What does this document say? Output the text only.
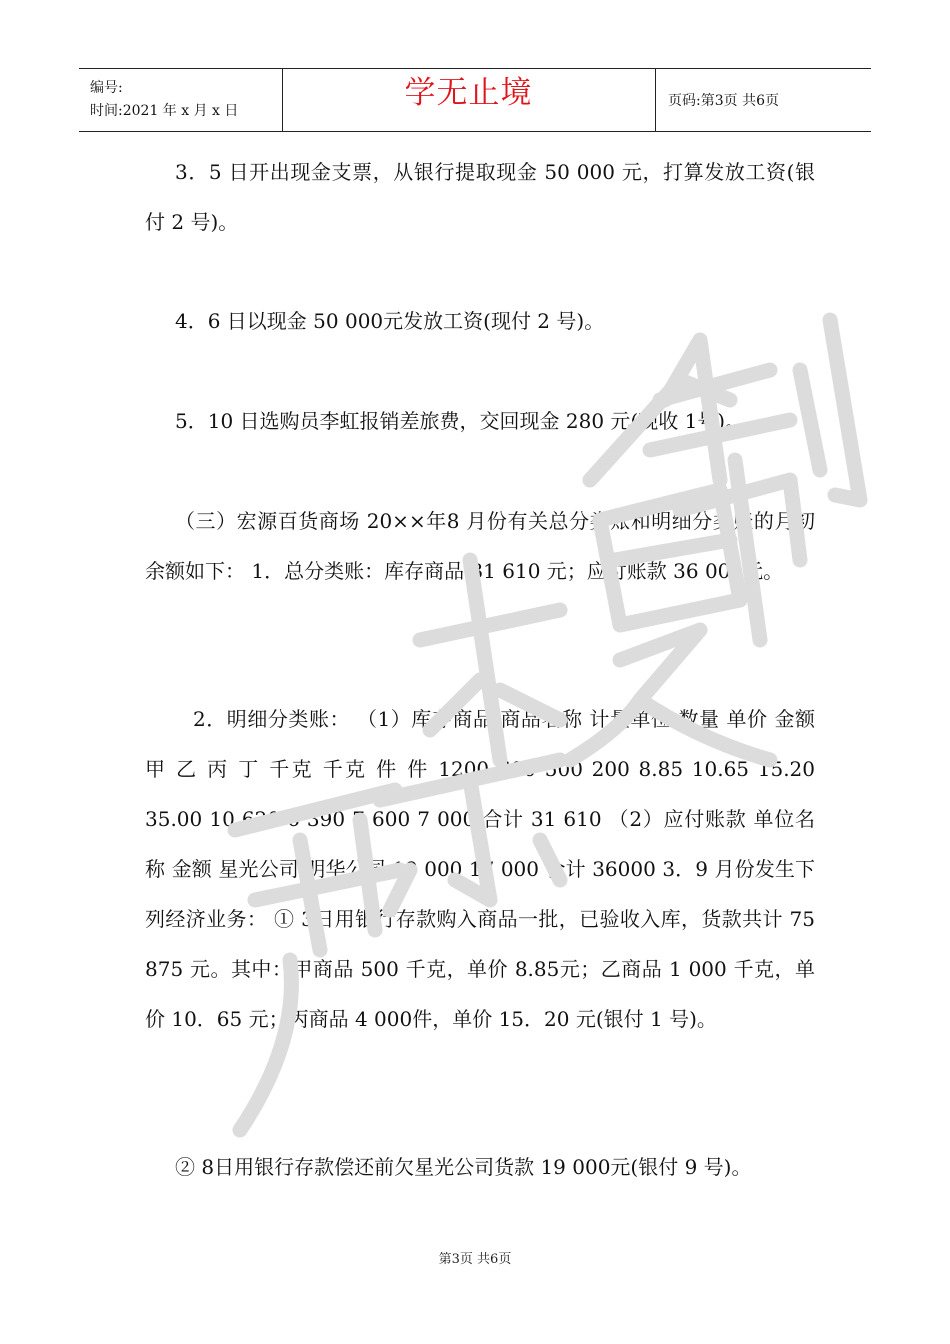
编号:
时间:2021 年 x 月 x 日	学无止境	页码:第3页 共6页

3．5 日开出现金支票，从银行提取现金 50 000 元，打算发放工资(银付 2 号)。

4．6 日以现金 50 000元发放工资(现付 2 号)。

5．10 日选购员李虹报销差旅费，交回现金 280 元(现收 1号)。

（三）宏源百货商场 20××年8 月份有关总分类账和明细分类账的月初余额如下： 1．总分类账：库存商品 31 610 元；应付账款 36 000元。

2．明细分类账： （1）库存商品 商品名称 计量单位 数量 单价 金额 甲 乙 丙 丁 千克 千克 件 件 1200 600 500 200 8.85 10.65 15.20 35.00 10 620 6 390 7 600 7 000 合计 31 610 （2）应付账款 单位名称 金额 星光公司 明华公司 19 000 17 000 合计 36000 3．9 月份发生下列经济业务： ① 3日用银行存款购入商品一批，已验收入库，货款共计 75 875 元。其中：甲商品 500 千克，单价 8.85元；乙商品 1 000 千克，单价 10．65 元；丙商品 4 000件，单价 15．20 元(银付 1 号)。

② 8日用银行存款偿还前欠星光公司货款 19 000元(银付 9 号)。

第3页 共6页
